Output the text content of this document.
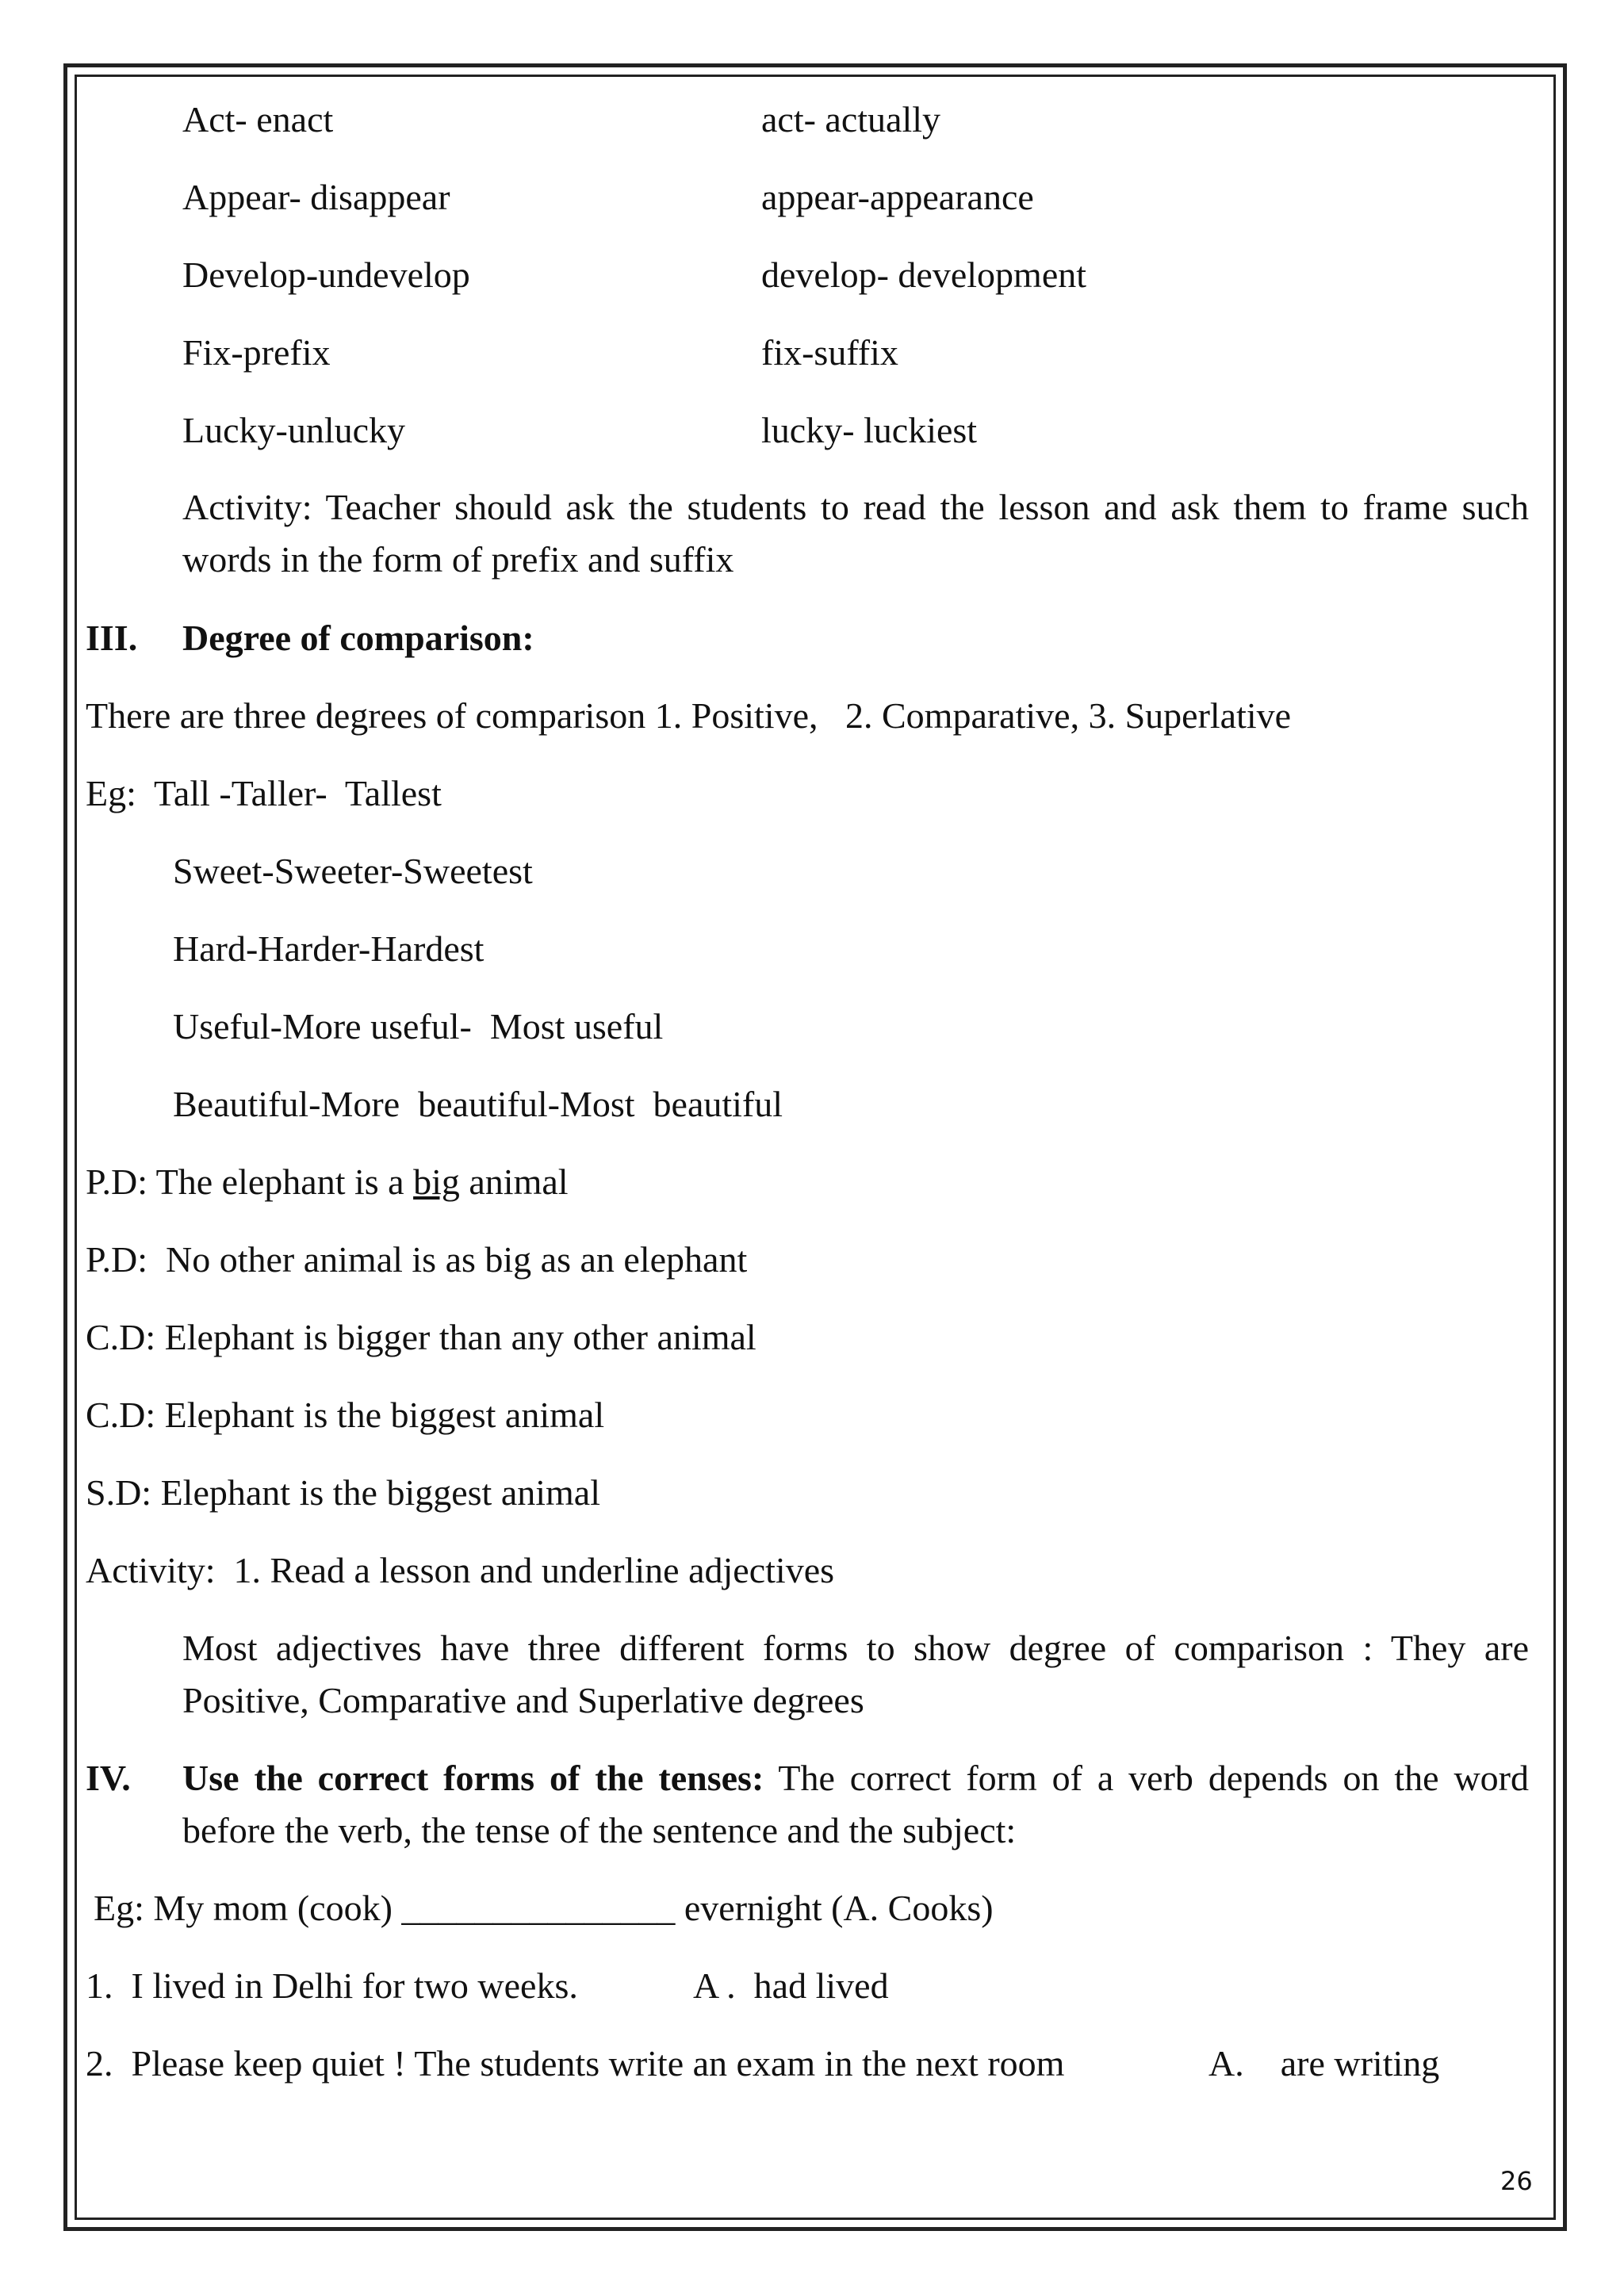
Act- enact	act- actually
Appear- disappear	appear-appearance
Develop-undevelop	develop- development
Fix-prefix	fix-suffix
Lucky-unlucky	lucky- luckiest
Activity: Teacher should ask the students to read the lesson and ask them to frame such words in the form of prefix and suffix
III. Degree of comparison:
There are three degrees of comparison 1. Positive,   2. Comparative, 3. Superlative
Eg:  Tall -Taller-  Tallest
Sweet-Sweeter-Sweetest
Hard-Harder-Hardest
Useful-More useful-  Most useful
Beautiful-More  beautiful-Most  beautiful
P.D: The elephant is a big animal
P.D:  No other animal is as big as an elephant
C.D: Elephant is bigger than any other animal
C.D: Elephant is the biggest animal
S.D: Elephant is the biggest animal
Activity:  1. Read a lesson and underline adjectives
Most adjectives have three different forms to show degree of comparison : They are Positive, Comparative and Superlative degrees
IV. Use the correct forms of the tenses: The correct form of a verb depends on the word before the verb, the tense of the sentence and the subject:
Eg: My mom (cook) _______________ evernight (A. Cooks)
1.  I lived in Delhi for two weeks.	A .  had lived
2.  Please keep quiet ! The students write an exam in the next room	A.    are writing
26
